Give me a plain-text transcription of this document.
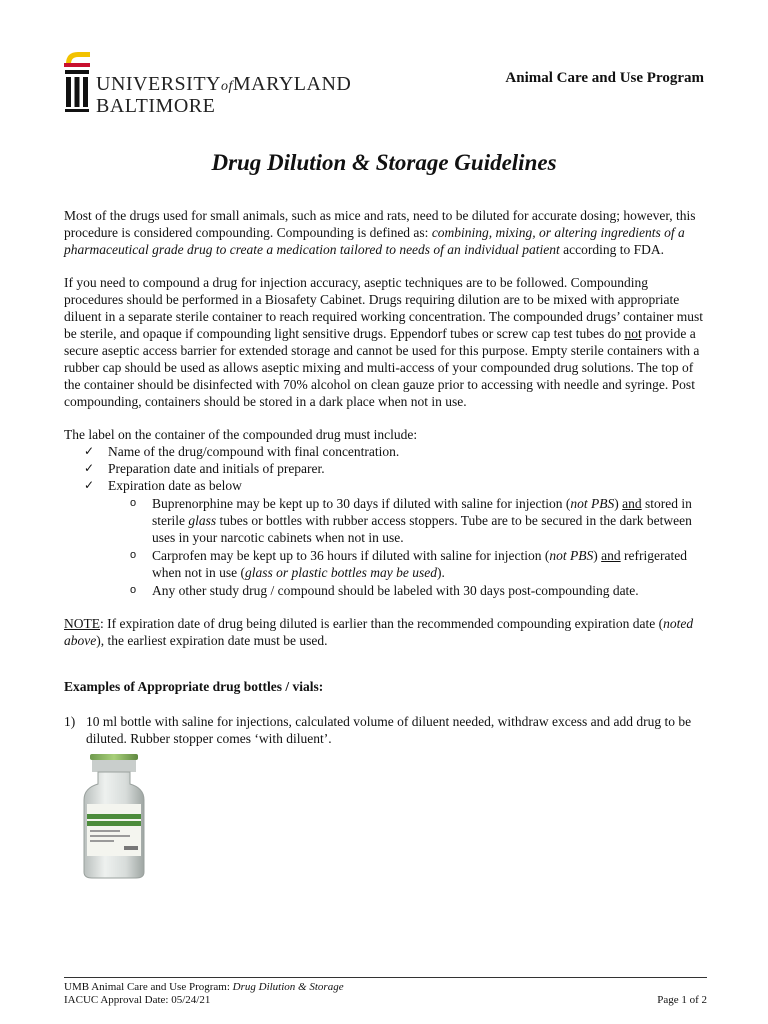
UNIVERSITYofMARYLAND
BALTIMORE
Animal Care and Use Program
Drug Dilution & Storage Guidelines

Most of the drugs used for small animals, such as mice and rats, need to be diluted for accurate dosing; however, this procedure is considered compounding. Compounding is defined as: combining, mixing, or altering ingredients of a pharmaceutical grade drug to create a medication tailored to needs of an individual patient according to FDA.

If you need to compound a drug for injection accuracy, aseptic techniques are to be followed. Compounding procedures should be performed in a Biosafety Cabinet. Drugs requiring dilution are to be mixed with appropriate diluent in a separate sterile container to reach required working concentration. The compounded drugs’ container must be sterile, and opaque if compounding light sensitive drugs. Eppendorf tubes or screw cap test tubes do not provide a secure aseptic access barrier for extended storage and cannot be used for this purpose. Empty sterile containers with a rubber cap should be used as allows aseptic mixing and multi-access of your compounded drug solutions. The top of the container should be disinfected with 70% alcohol on clean gauze prior to accessing with needle and syringe. Post compounding, containers should be stored in a dark place when not in use.

The label on the container of the compounded drug must include:
✓ Name of the drug/compound with final concentration.
✓ Preparation date and initials of preparer.
✓ Expiration date as below
o Buprenorphine may be kept up to 30 days if diluted with saline for injection (not PBS) and stored in sterile glass tubes or bottles with rubber access stoppers. Tube are to be secured in the dark between uses in your narcotic cabinets when not in use.
o Carprofen may be kept up to 36 hours if diluted with saline for injection (not PBS) and refrigerated when not in use (glass or plastic bottles may be used).
o Any other study drug / compound should be labeled with 30 days post-compounding date.

NOTE: If expiration date of drug being diluted is earlier than the recommended compounding expiration date (noted above), the earliest expiration date must be used.

Examples of Appropriate drug bottles / vials:
1) 10 ml bottle with saline for injections, calculated volume of diluent needed, withdraw excess and add drug to be diluted. Rubber stopper comes ‘with diluent’.
UMB Animal Care and Use Program: Drug Dilution & Storage
IACUC Approval Date: 05/24/21	Page 1 of 2
